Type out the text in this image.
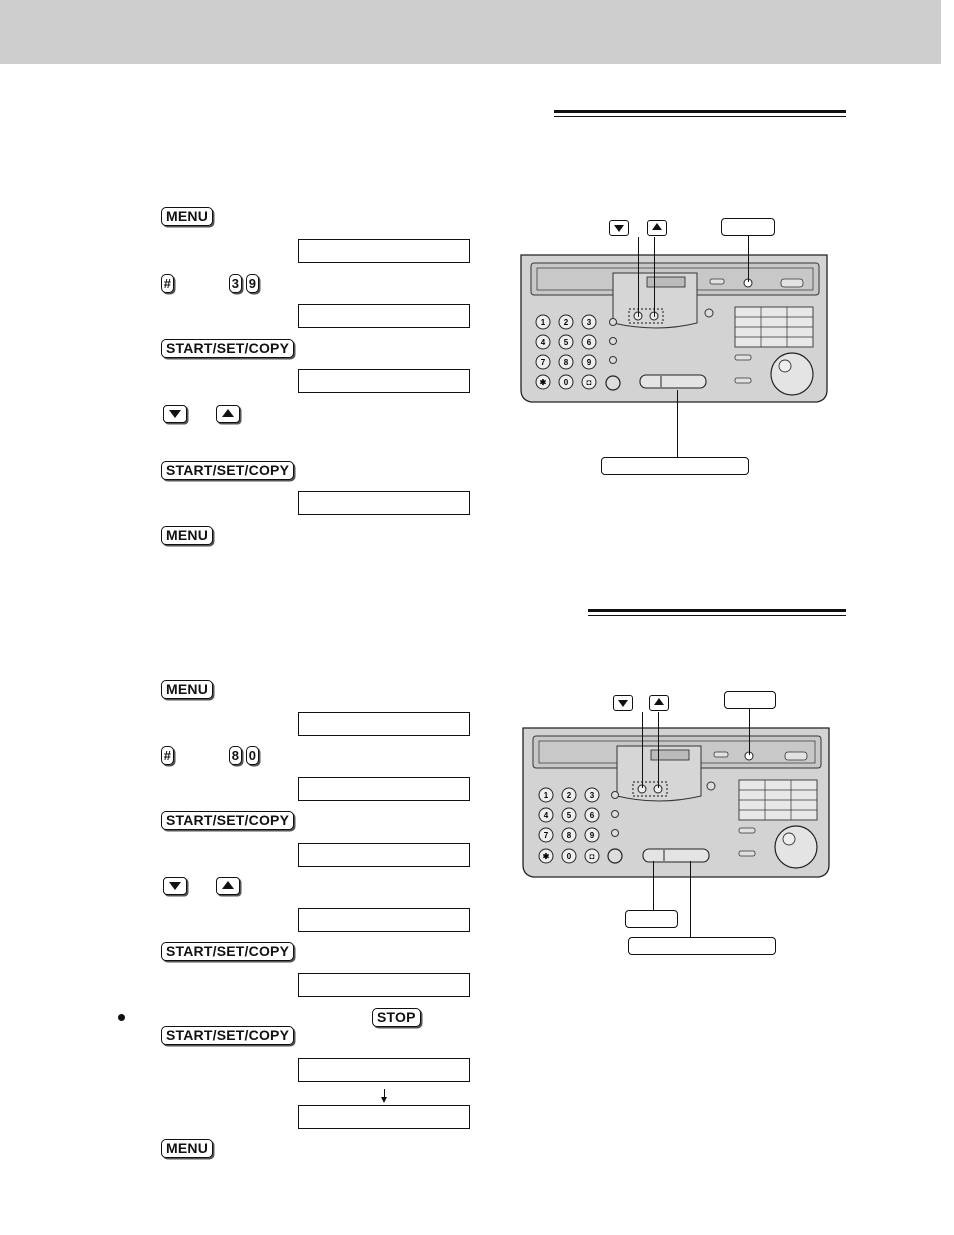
MENU
#	3 9
START/SET/COPY
START/SET/COPY
MENU
1 2 3
4 5 6
7 8 9
✱ 0 ◘
MENU
#	8 0
START/SET/COPY
START/SET/COPY
STOP
START/SET/COPY
MENU
1 2 3
4 5 6
7 8 9
✱ 0 ◘
